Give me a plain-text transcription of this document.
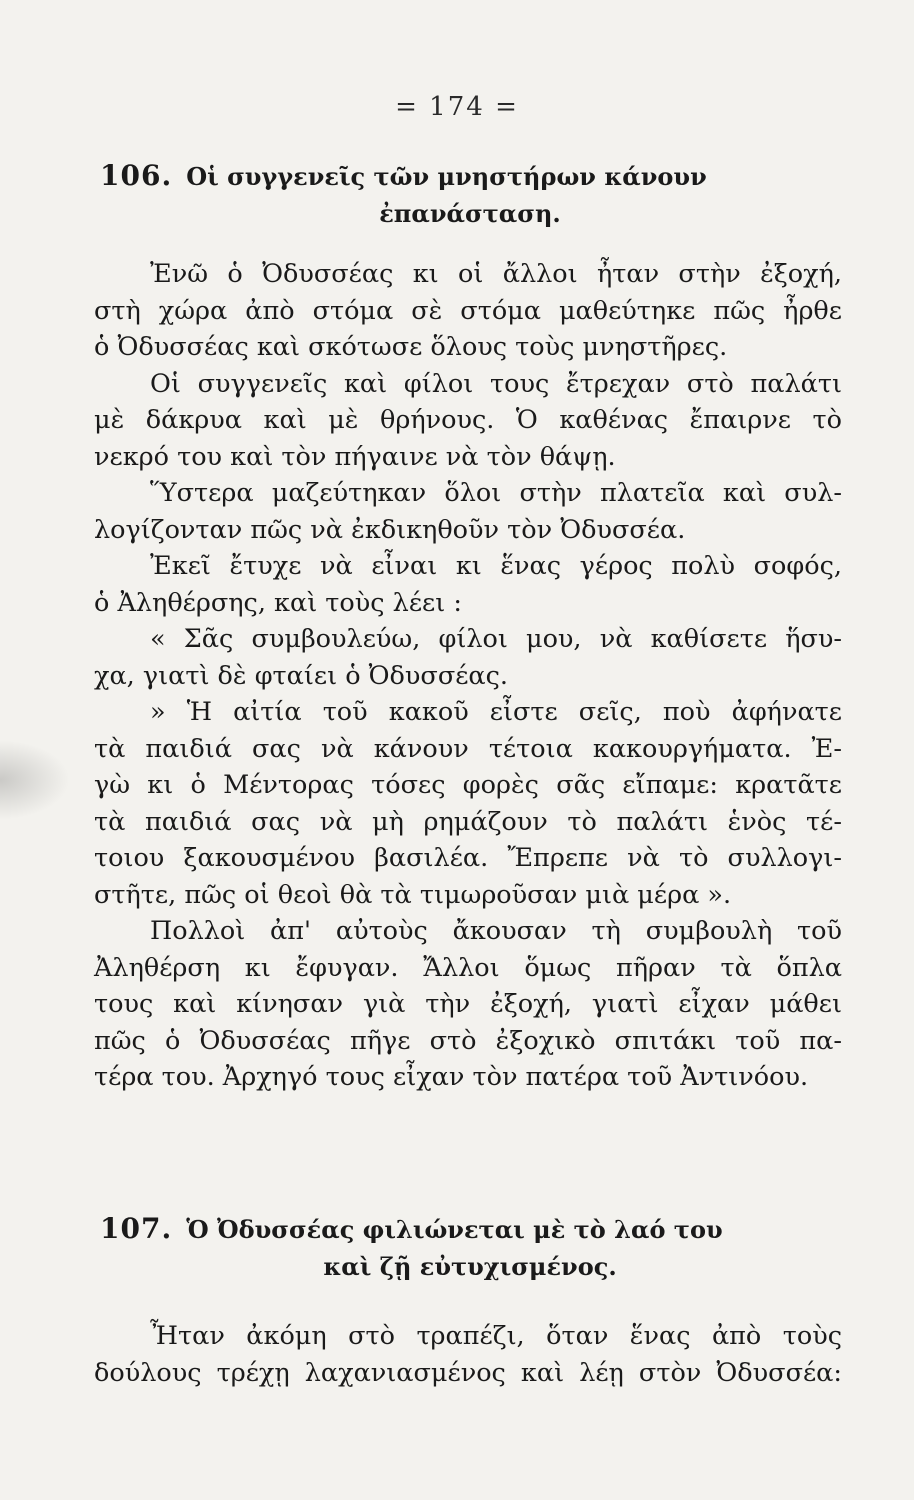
= 174 =
106. Οἱ συγγενεῖς τῶν μνηστήρων κάνουν
ἐπανάσταση.
Ἐνῶ ὁ Ὀδυσσέας κι οἱ ἄλλοι ἦταν στὴν ἐξοχή,
στὴ χώρα ἀπὸ στόμα σὲ στόμα μαθεύτηκε πῶς ἦρθε
ὁ Ὀδυσσέας καὶ σκότωσε ὅλους τοὺς μνηστῆρες.
Οἱ συγγενεῖς καὶ φίλοι τους ἔτρεχαν στὸ παλάτι
μὲ δάκρυα καὶ μὲ θρήνους. Ὁ καθένας ἔπαιρνε τὸ
νεκρό του καὶ τὸν πήγαινε νὰ τὸν θάψῃ.
Ὕστερα μαζεύτηκαν ὅλοι στὴν πλατεῖα καὶ συλ-
λογίζονταν πῶς νὰ ἐκδικηθοῦν τὸν Ὀδυσσέα.
Ἐκεῖ ἔτυχε νὰ εἶναι κι ἕνας γέρος πολὺ σοφός,
ὁ Ἀληθέρσης, καὶ τοὺς λέει :
« Σᾶς συμβουλεύω, φίλοι μου, νὰ καθίσετε ἥσυ-
χα, γιατὶ δὲ φταίει ὁ Ὀδυσσέας.
» Ἡ αἰτία τοῦ κακοῦ εἶστε σεῖς, ποὺ ἀφήνατε
τὰ παιδιά σας νὰ κάνουν τέτοια κακουργήματα. Ἐ-
γὼ κι ὁ Μέντορας τόσες φορὲς σᾶς εἴπαμε: κρατᾶτε
τὰ παιδιά σας νὰ μὴ ρημάζουν τὸ παλάτι ἑνὸς τέ-
τοιου ξακουσμένου βασιλέα. Ἔπρεπε νὰ τὸ συλλογι-
στῆτε, πῶς οἱ θεοὶ θὰ τὰ τιμωροῦσαν μιὰ μέρα ».
Πολλοὶ ἀπ' αὐτοὺς ἄκουσαν τὴ συμβουλὴ τοῦ
Ἀληθέρση κι ἔφυγαν. Ἄλλοι ὅμως πῆραν τὰ ὅπλα
τους καὶ κίνησαν γιὰ τὴν ἐξοχή, γιατὶ εἶχαν μάθει
πῶς ὁ Ὀδυσσέας πῆγε στὸ ἐξοχικὸ σπιτάκι τοῦ πα-
τέρα του. Ἀρχηγό τους εἶχαν τὸν πατέρα τοῦ Ἀντινόου.
107. Ὁ Ὀδυσσέας φιλιώνεται μὲ τὸ λαό του
καὶ ζῇ εὐτυχισμένος.
Ἦταν ἀκόμη στὸ τραπέζι, ὅταν ἕνας ἀπὸ τοὺς
δούλους τρέχῃ λαχανιασμένος καὶ λέῃ στὸν Ὀδυσσέα:
